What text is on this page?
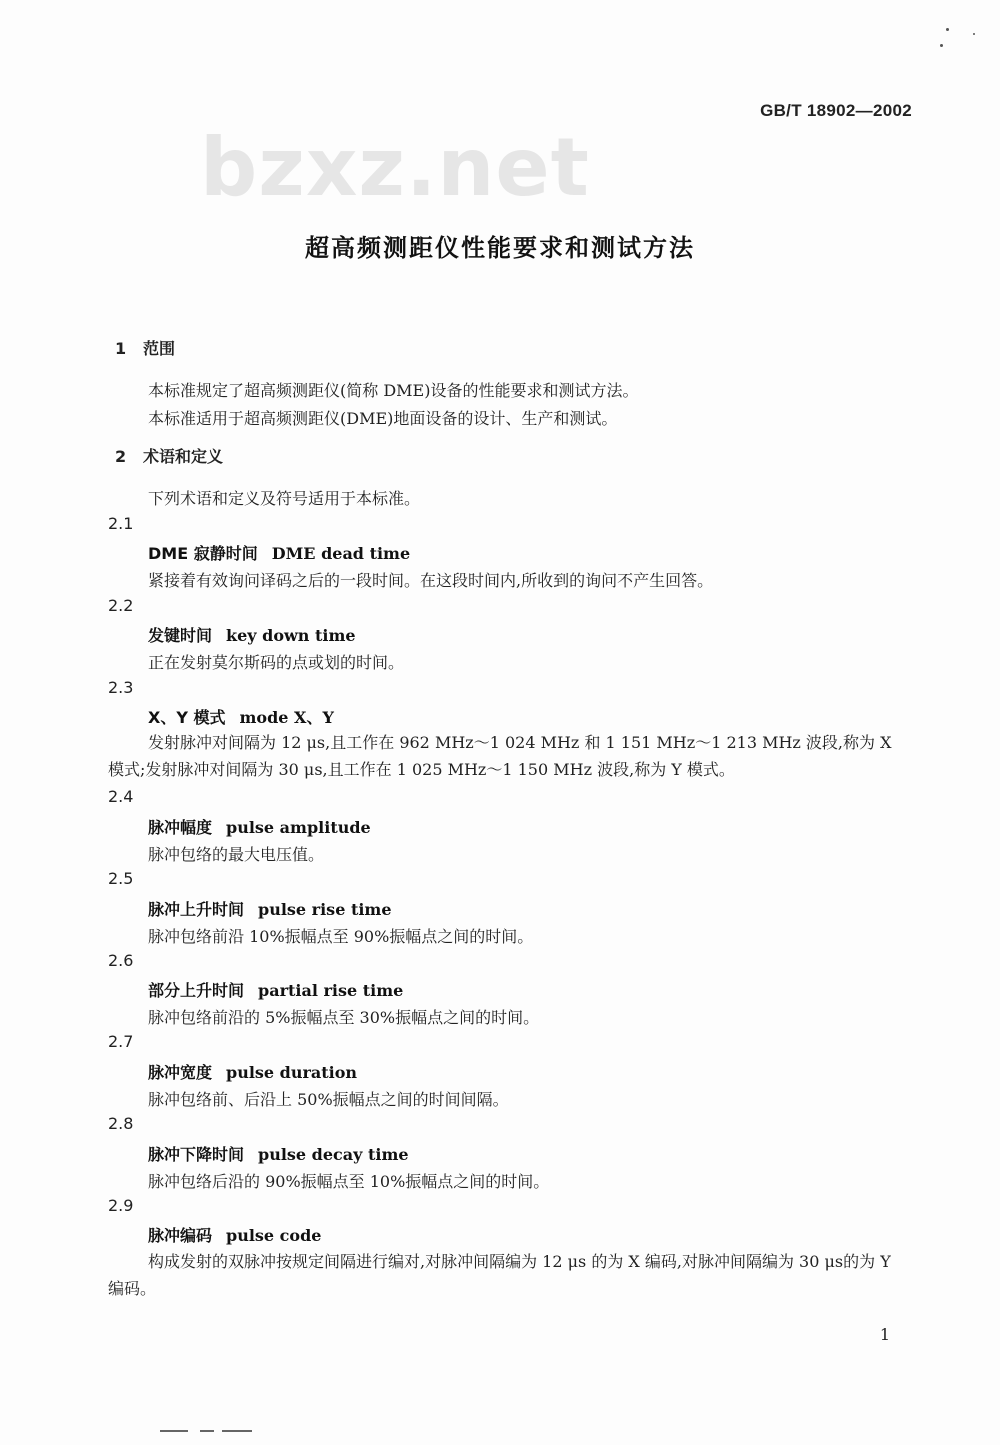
GB/T 18902—2002
bzxz.net
超高频测距仪性能要求和测试方法
1 范围
本标准规定了超高频测距仪(简称 DME)设备的性能要求和测试方法。
本标准适用于超高频测距仪(DME)地面设备的设计、生产和测试。
2 术语和定义
下列术语和定义及符号适用于本标准。
2.1
DME 寂静时间 DME dead time
紧接着有效询问译码之后的一段时间。在这段时间内,所收到的询问不产生回答。
2.2
发键时间 key down time
正在发射莫尔斯码的点或划的时间。
2.3
X、Y 模式 mode X、Y
发射脉冲对间隔为 12 μs,且工作在 962 MHz～1 024 MHz 和 1 151 MHz～1 213 MHz 波段,称为 X 模式;发射脉冲对间隔为 30 μs,且工作在 1 025 MHz～1 150 MHz 波段,称为 Y 模式。
2.4
脉冲幅度 pulse amplitude
脉冲包络的最大电压值。
2.5
脉冲上升时间 pulse rise time
脉冲包络前沿 10%振幅点至 90%振幅点之间的时间。
2.6
部分上升时间 partial rise time
脉冲包络前沿的 5%振幅点至 30%振幅点之间的时间。
2.7
脉冲宽度 pulse duration
脉冲包络前、后沿上 50%振幅点之间的时间间隔。
2.8
脉冲下降时间 pulse decay time
脉冲包络后沿的 90%振幅点至 10%振幅点之间的时间。
2.9
脉冲编码 pulse code
构成发射的双脉冲按规定间隔进行编对,对脉冲间隔编为 12 μs 的为 X 编码,对脉冲间隔编为 30 μs的为 Y 编码。
1
